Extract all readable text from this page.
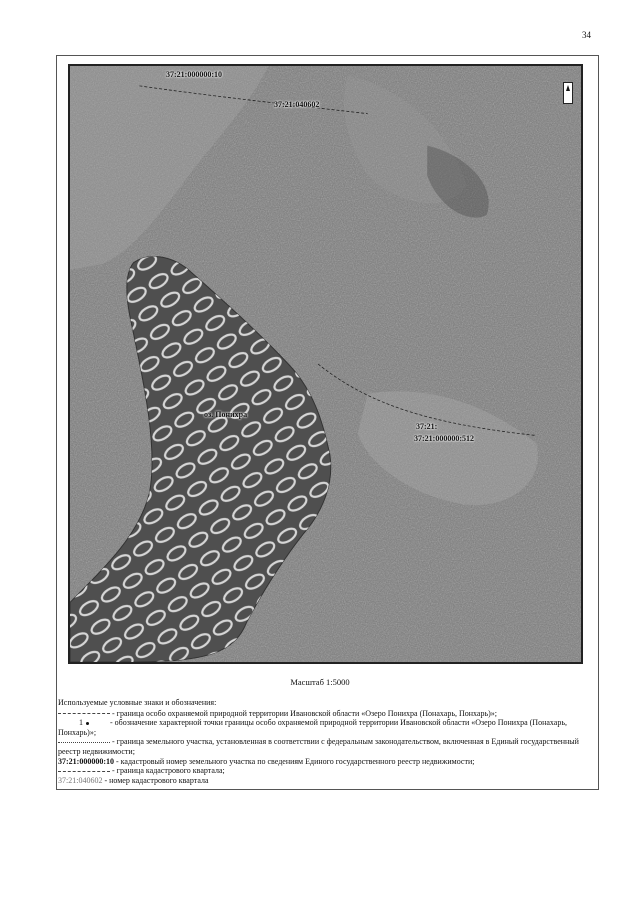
34
37:21:000000:10
37:21:040602
оз. Понихра
37:21:
37:21:000000:512
Масштаб 1:5000

Используемые условные знаки и обозначения:

- граница особо охраняемой природной территории Ивановской области «Озеро Понихра (Понахарь, Понхарь)»;

1	- обозначение характерной точки границы особо охраняемой природной территории Ивановской области «Озеро Понихра (Понахарь, Понхарь)»;

- граница земельного участка, установленная в соответствии с федеральным законодательством, включенная в Единый государственный реестр недвижимости;

37:21:000000:10 - кадастровый номер земельного участка по сведениям Единого государственного реестр недвижимости;

- граница кадастрового квартала;

37:21:040602 - номер кадастрового квартала
